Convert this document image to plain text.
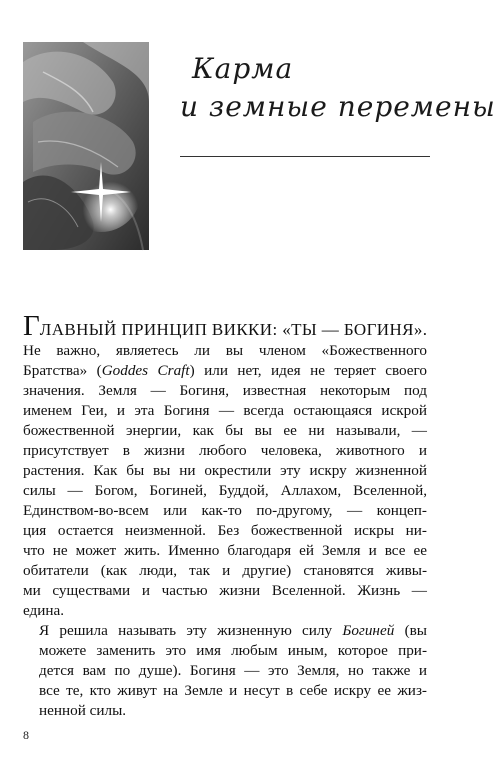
Карма
и земные перемены

ГЛАВНЫЙ ПРИНЦИП ВИККИ: «ТЫ — БОГИНЯ».
Не важно, являетесь ли вы членом «Божественного
Братства» (Goddes Craft) или нет, идея не теряет своего
значения. Земля — Богиня, известная некоторым под
именем Геи, и эта Богиня — всегда остающаяся искрой
божественной энергии, как бы вы ее ни называли, —
присутствует в жизни любого человека, животного и
растения. Как бы вы ни окрестили эту искру жизненной
силы — Богом, Богиней, Буддой, Аллахом, Вселенной,
Единством-во-всем или как-то по-другому, — концеп-
ция остается неизменной. Без божественной искры ни-
что не может жить. Именно благодаря ей Земля и все ее
обитатели (как люди, так и другие) становятся живы-
ми существами и частью жизни Вселенной. Жизнь —
едина.

Я решила называть эту жизненную силу Богиней (вы
можете заменить это имя любым иным, которое при-
дется вам по душе). Богиня — это Земля, но также и
все те, кто живут на Земле и несут в себе искру ее жиз-
ненной силы.

8
